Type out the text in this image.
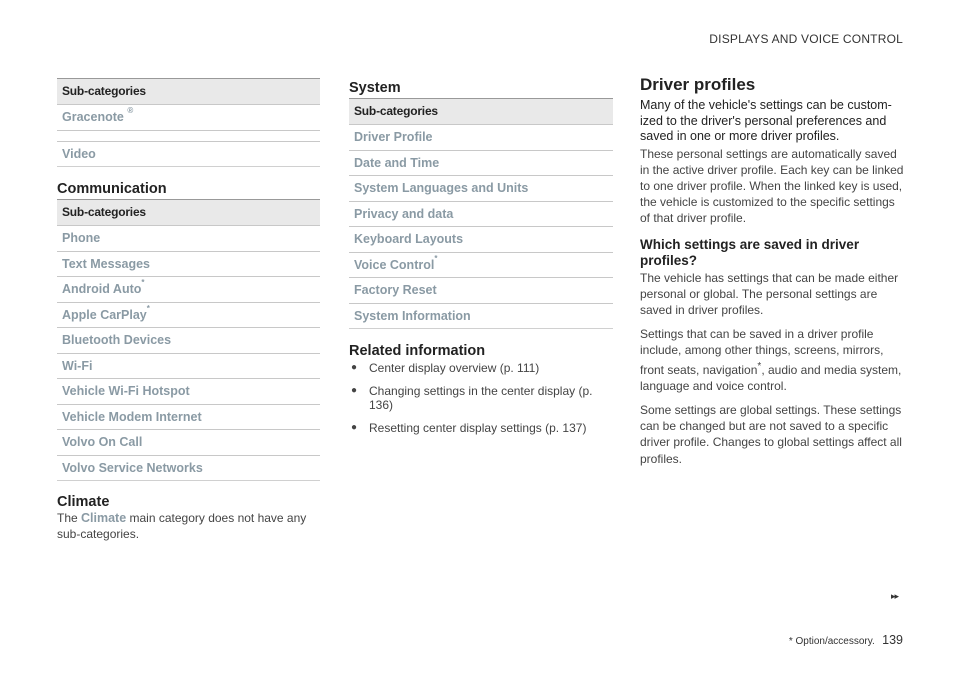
DISPLAYS AND VOICE CONTROL
Sub-categories
Gracenote ®
Video
Communication
Sub-categories
Phone
Text Messages
Android Auto*
Apple CarPlay*
Bluetooth Devices
Wi-Fi
Vehicle Wi-Fi Hotspot
Vehicle Modem Internet
Volvo On Call
Volvo Service Networks
Climate
The Climate main category does not have any sub-categories.
System
Sub-categories
Driver Profile
Date and Time
System Languages and Units
Privacy and data
Keyboard Layouts
Voice Control*
Factory Reset
System Information
Related information
● Center display overview (p. 111)
● Changing settings in the center display (p. 136)
● Resetting center display settings (p. 137)
Driver profiles
Many of the vehicle's settings can be custom-ized to the driver's personal preferences and saved in one or more driver profiles.
These personal settings are automatically saved in the active driver profile. Each key can be linked to one driver profile. When the linked key is used, the vehicle is customized to the specific settings of that driver profile.
Which settings are saved in driver profiles?
The vehicle has settings that can be made either personal or global. The personal settings are saved in driver profiles.
Settings that can be saved in a driver profile include, among other things, screens, mirrors, front seats, navigation*, audio and media system, language and voice control.
Some settings are global settings. These settings can be changed but are not saved to a specific driver profile. Changes to global settings affect all profiles.
▸▸
* Option/accessory. 139
